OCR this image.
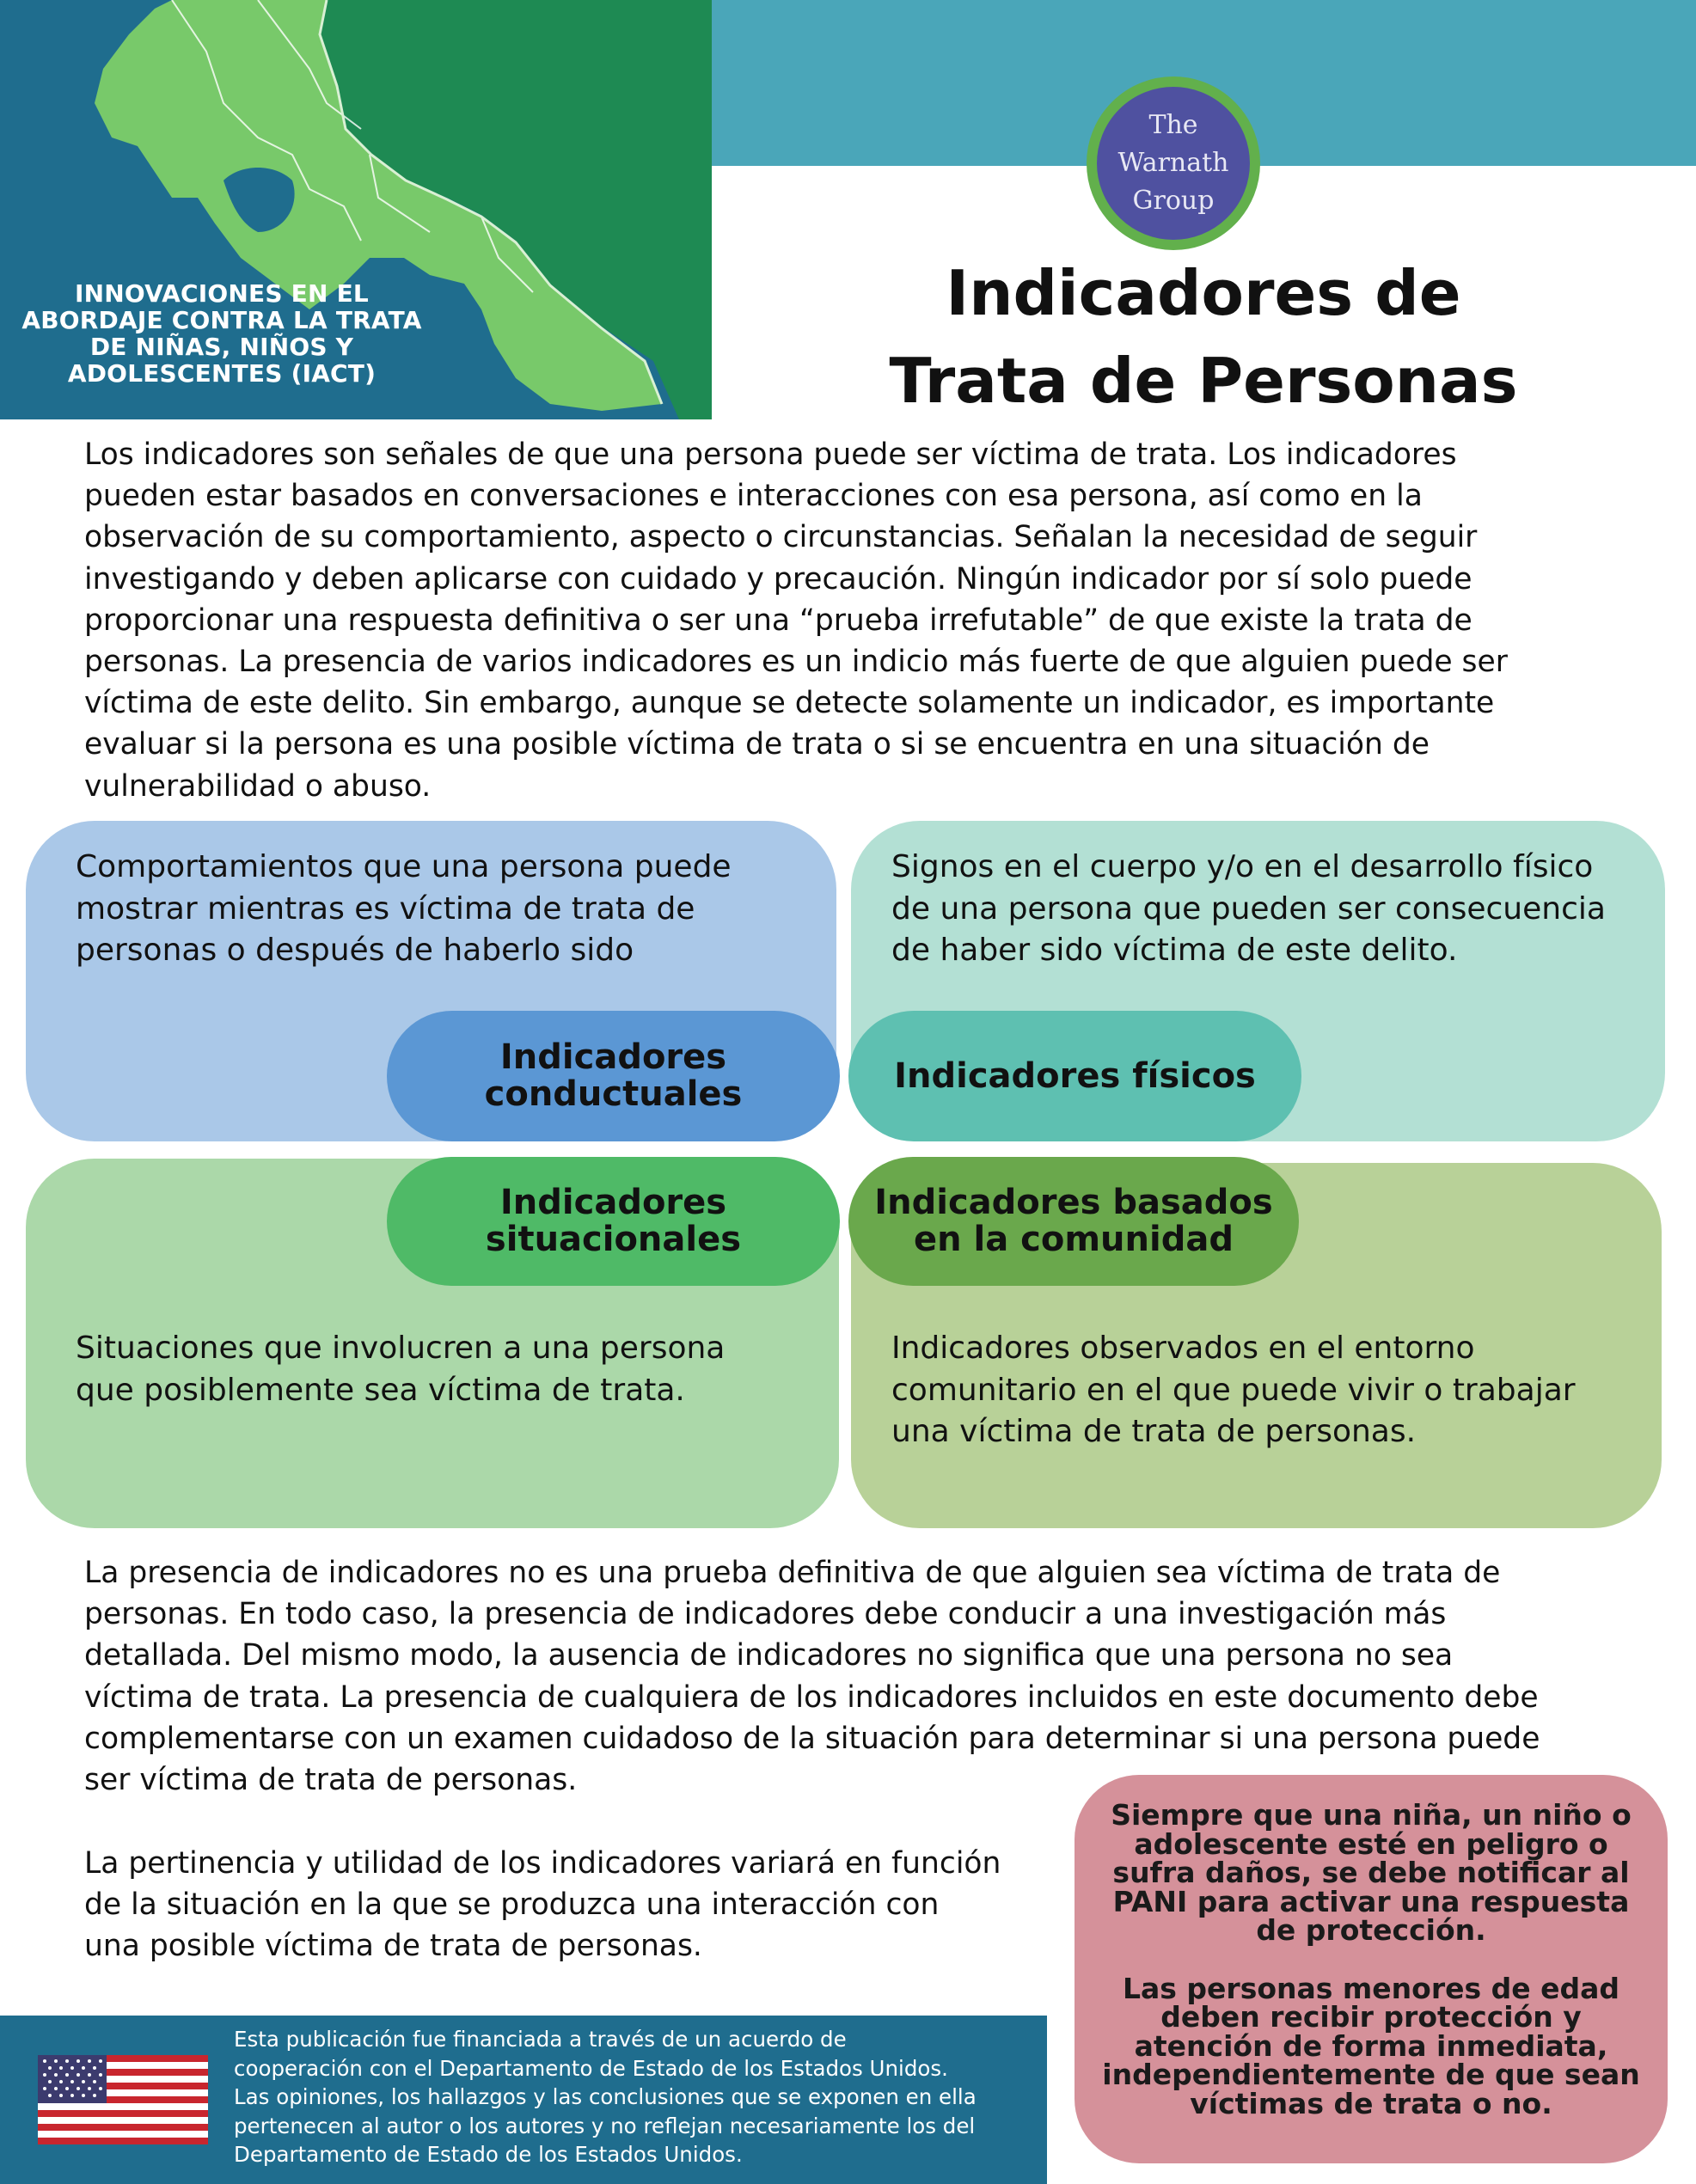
INNOVACIONES EN EL
ABORDAJE CONTRA LA TRATA
DE NIÑAS, NIÑOS Y
ADOLESCENTES (IACT)
The
Warnath
Group
Indicadores de
Trata de Personas
Los indicadores son señales de que una persona puede ser víctima de trata. Los indicadores
pueden estar basados en conversaciones e interacciones con esa persona, así como en la
observación de su comportamiento, aspecto o circunstancias. Señalan la necesidad de seguir
investigando y deben aplicarse con cuidado y precaución. Ningún indicador por sí solo puede
proporcionar una respuesta definitiva o ser una “prueba irrefutable” de que existe la trata de
personas. La presencia de varios indicadores es un indicio más fuerte de que alguien puede ser
víctima de este delito. Sin embargo, aunque se detecte solamente un indicador, es importante
evaluar si la persona es una posible víctima de trata o si se encuentra en una situación de
vulnerabilidad o abuso.
Comportamientos que una persona puede
mostrar mientras es víctima de trata de
personas o después de haberlo sido
Signos en el cuerpo y/o en el desarrollo físico
de una persona que pueden ser consecuencia
de haber sido víctima de este delito.
Situaciones que involucren a una persona
que posiblemente sea víctima de trata.
Indicadores observados en el entorno
comunitario en el que puede vivir o trabajar
una víctima de trata de personas.
Indicadores
conductuales	Indicadores físicos
Indicadores
situacionales
Indicadores basados
en la comunidad
La presencia de indicadores no es una prueba definitiva de que alguien sea víctima de trata de
personas. En todo caso, la presencia de indicadores debe conducir a una investigación más
detallada. Del mismo modo, la ausencia de indicadores no significa que una persona no sea
víctima de trata. La presencia de cualquiera de los indicadores incluidos en este documento debe
complementarse con un examen cuidadoso de la situación para determinar si una persona puede
ser víctima de trata de personas.
La pertinencia y utilidad de los indicadores variará en función
de la situación en la que se produzca una interacción con
una posible víctima de trata de personas.
Siempre que una niña, un niño o
adolescente esté en peligro o
sufra daños, se debe notificar al
PANI para activar una respuesta
de protección.
Las personas menores de edad
deben recibir protección y
atención de forma inmediata,
independientemente de que sean
víctimas de trata o no.
Esta publicación fue financiada a través de un acuerdo de
cooperación con el Departamento de Estado de los Estados Unidos.
Las opiniones, los hallazgos y las conclusiones que se exponen en ella
pertenecen al autor o los autores y no reflejan necesariamente los del
Departamento de Estado de los Estados Unidos.
